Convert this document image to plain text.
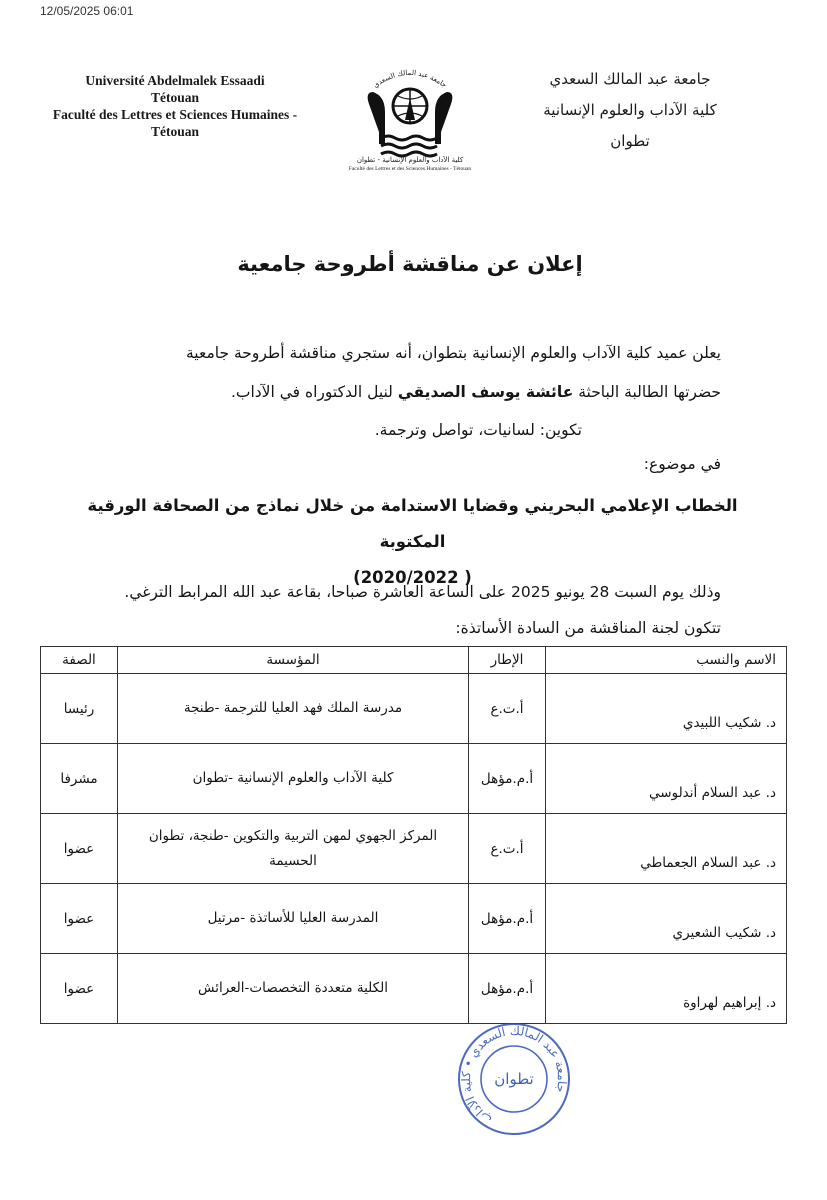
12/05/2025 06:01
Université Abdelmalek Essaadi
Tétouan
Faculté des Lettres et Sciences Humaines -
Tétouan
جامعة عبد المالك السعدي
كلية الآداب والعلوم الإنسانية - تطوان
Faculté des Lettres et des Sciences Humaines - Tétouan
جامعة عبد المالك السعدي
كلية الآداب والعلوم الإنسانية
تطوان
إعلان عن مناقشة أطروحة جامعية
يعلن عميد كلية الآداب والعلوم الإنسانية بتطوان، أنه ستجري مناقشة أطروحة جامعية
حضرتها الطالبة الباحثة عائشة يوسف الصديقي لنيل الدكتوراه في الآداب.
تكوين: لسانيات، تواصل وترجمة.
في موضوع:
الخطاب الإعلامي البحريني وقضايا الاستدامة من خلال نماذج من الصحافة الورقية المكتوبة
( 2020/2022)
وذلك يوم السبت 28 يونيو 2025 على الساعة العاشرة صباحا، بقاعة عبد الله المرابط الترغي.
تتكون لجنة المناقشة من السادة الأساتذة:
الاسم والنسب	الإطار	المؤسسة	الصفة
د. شكيب اللبيدي	أ.ت.ع	مدرسة الملك فهد العليا للترجمة -طنجة	رئيسا
د. عبد السلام أندلوسي	أ.م.مؤهل	كلية الآداب والعلوم الإنسانية -تطوان	مشرفا
د. عبد السلام الجعماطي	أ.ت.ع	المركز الجهوي لمهن التربية والتكوين -طنجة، تطوان
الحسيمة	عضوا
د. شكيب الشعيري	أ.م.مؤهل	المدرسة العليا للأساتذة -مرتيل	عضوا
د. إبراهيم لهراوة	أ.م.مؤهل	الكلية متعددة التخصصات-العرائش	عضوا
جامعة عبد المالك السعدي • كلية الآداب
تطوان
